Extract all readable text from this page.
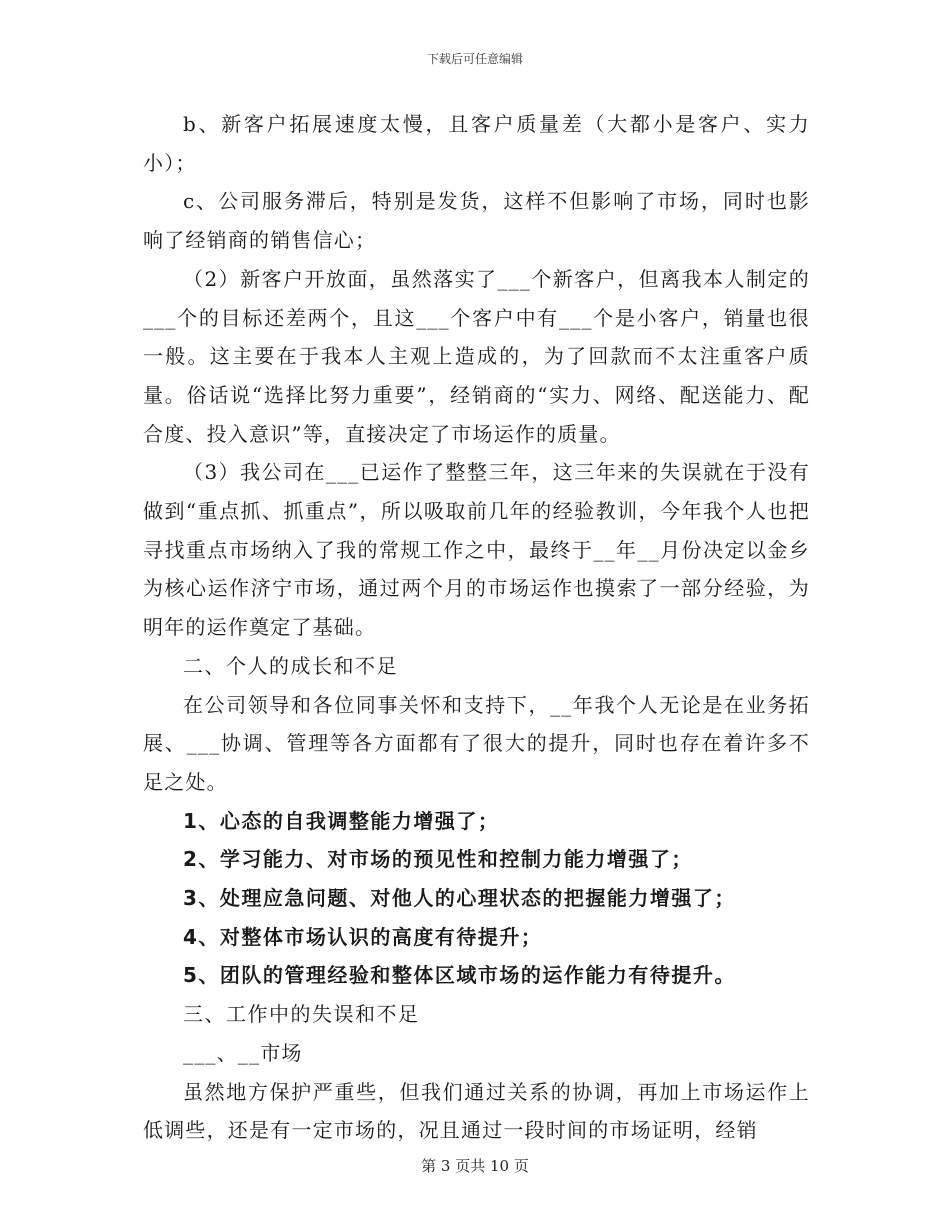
下载后可任意编辑

b、新客户拓展速度太慢，且客户质量差（大都小是客户、实力小）；

c、公司服务滞后，特别是发货，这样不但影响了市场，同时也影响了经销商的销售信心；

（2）新客户开放面，虽然落实了___个新客户，但离我本人制定的___个的目标还差两个，且这___个客户中有___个是小客户，销量也很一般。这主要在于我本人主观上造成的，为了回款而不太注重客户质量。俗话说“选择比努力重要”，经销商的“实力、网络、配送能力、配合度、投入意识”等，直接决定了市场运作的质量。

（3）我公司在___已运作了整整三年，这三年来的失误就在于没有做到“重点抓、抓重点”，所以吸取前几年的经验教训，今年我个人也把寻找重点市场纳入了我的常规工作之中，最终于__年__月份决定以金乡为核心运作济宁市场，通过两个月的市场运作也摸索了一部分经验，为明年的运作奠定了基础。

二、个人的成长和不足

在公司领导和各位同事关怀和支持下，__年我个人无论是在业务拓展、___协调、管理等各方面都有了很大的提升，同时也存在着许多不足之处。

1、心态的自我调整能力增强了；

2、学习能力、对市场的预见性和控制力能力增强了；

3、处理应急问题、对他人的心理状态的把握能力增强了；

4、对整体市场认识的高度有待提升；

5、团队的管理经验和整体区域市场的运作能力有待提升。

三、工作中的失误和不足

___、__市场

虽然地方保护严重些，但我们通过关系的协调，再加上市场运作上低调些，还是有一定市场的，况且通过一段时间的市场证明，经销

第 3 页共 10 页
